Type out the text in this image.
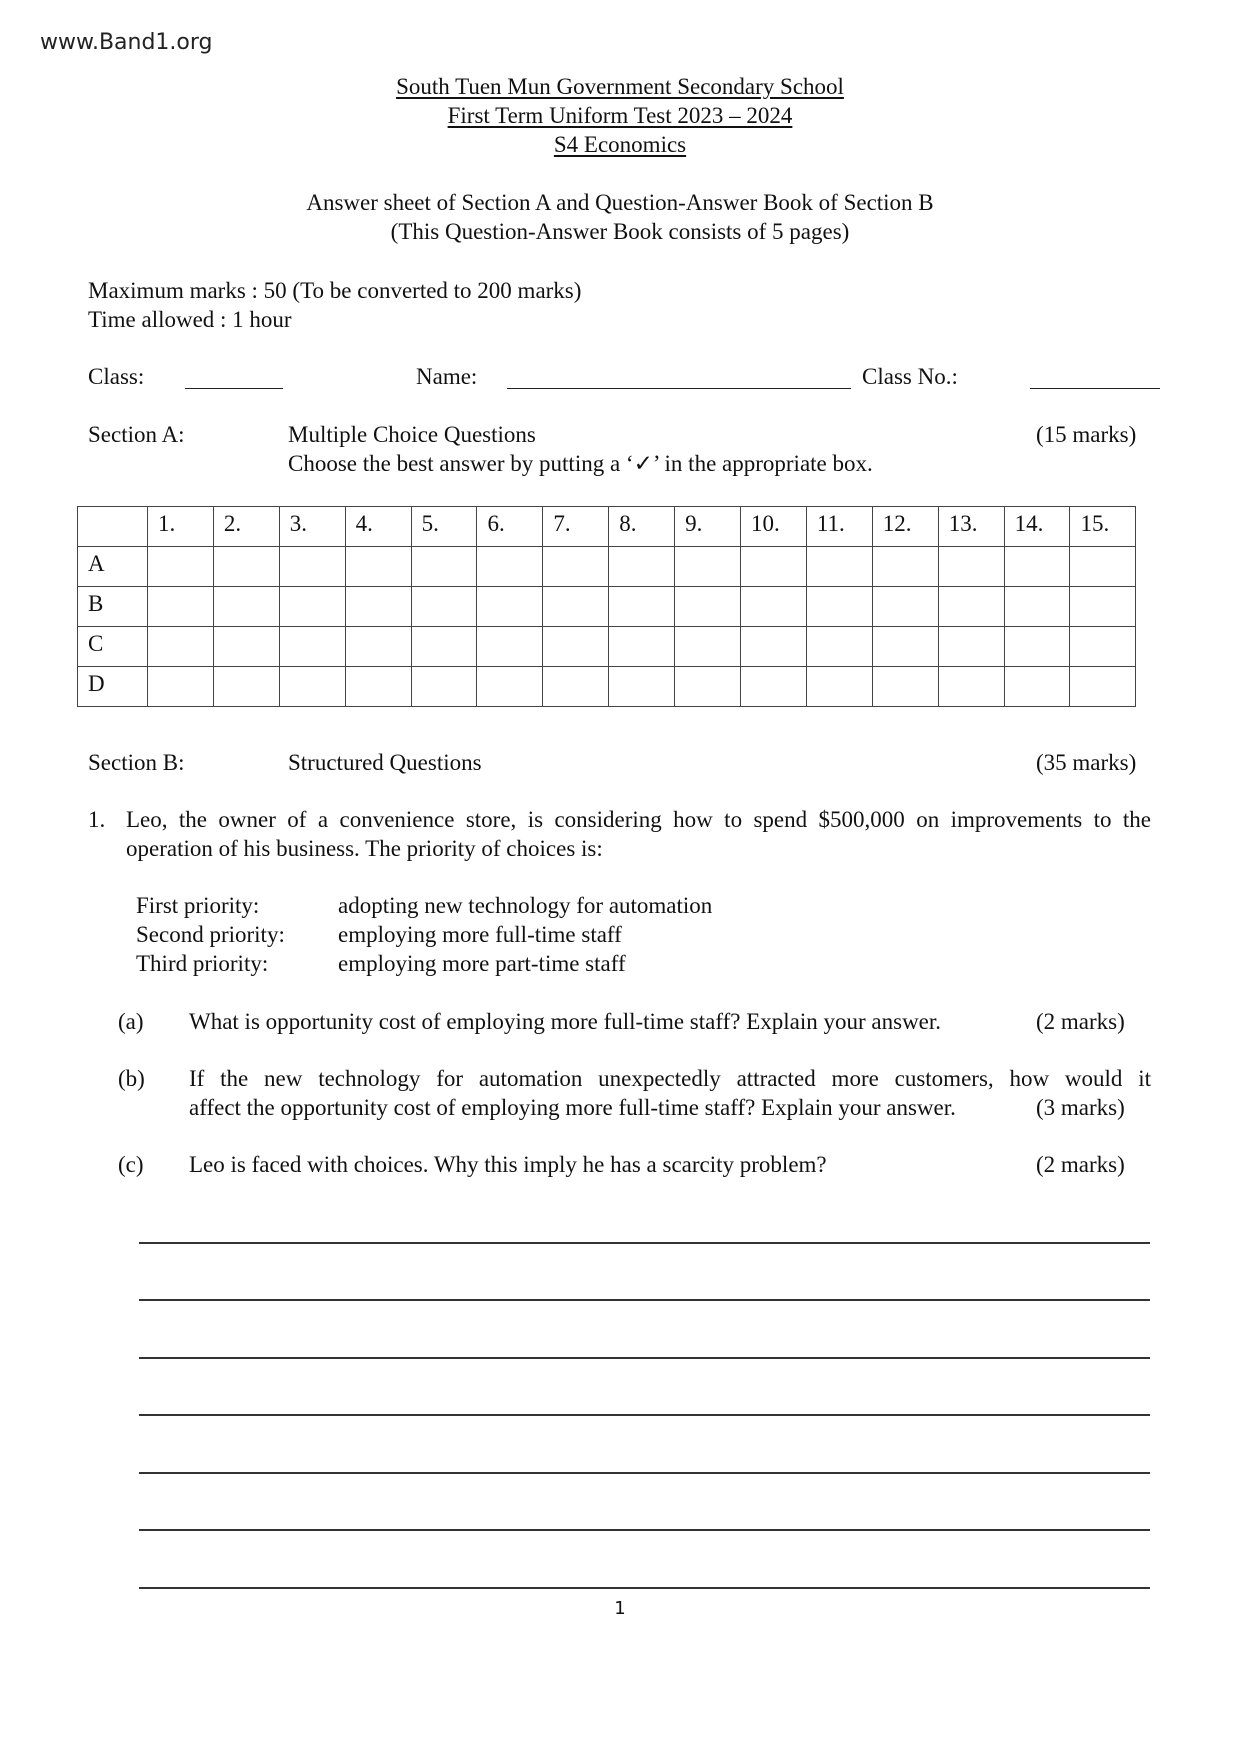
www.Band1.org
South Tuen Mun Government Secondary School
First Term Uniform Test 2023 – 2024
S4 Economics
Answer sheet of Section A and Question-Answer Book of Section B
(This Question-Answer Book consists of 5 pages)
Maximum marks : 50 (To be converted to 200 marks)
Time allowed : 1 hour
Class:	Name:	Class No.:
Section A:	Multiple Choice Questions	(15 marks)
Choose the best answer by putting a ‘✓’ in the appropriate box.
	1.	2.	3.	4.	5.	6.	7.	8.	9.	10.	11.	12.	13.	14.	15.
A															
B															
C															
D															
Section B:	Structured Questions	(35 marks)
1. Leo, the owner of a convenience store, is considering how to spend $500,000 on improvements to the
operation of his business. The priority of choices is:
First priority:	adopting new technology for automation
Second priority: employing more full-time staff
Third priority:	employing more part-time staff
(a) What is opportunity cost of employing more full-time staff? Explain your answer.	(2 marks)
(b) If the new technology for automation unexpectedly attracted more customers, how would it
affect the opportunity cost of employing more full-time staff? Explain your answer.	(3 marks)
(c) Leo is faced with choices. Why this imply he has a scarcity problem?	(2 marks)
1
